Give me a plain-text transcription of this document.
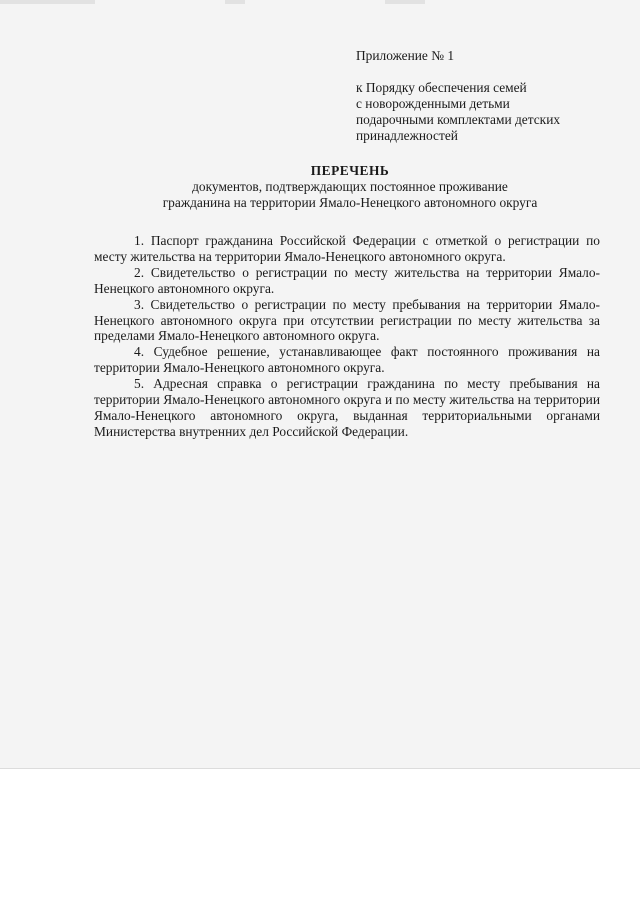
Приложение № 1
к Порядку обеспечения семей
с новорожденными детьми
подарочными комплектами детских
принадлежностей
ПЕРЕЧЕНЬ
документов, подтверждающих постоянное проживание
гражданина на территории Ямало-Ненецкого автономного округа

1. Паспорт гражданина Российской Федерации с отметкой о регистрации по месту жительства на территории Ямало-Ненецкого автономного округа.

2. Свидетельство о регистрации по месту жительства на территории Ямало-Ненецкого автономного округа.

3. Свидетельство о регистрации по месту пребывания на территории Ямало-Ненецкого автономного округа при отсутствии регистрации по месту жительства за пределами Ямало-Ненецкого автономного округа.

4. Судебное решение, устанавливающее факт постоянного проживания на территории Ямало-Ненецкого автономного округа.

5. Адресная справка о регистрации гражданина по месту пребывания на территории Ямало-Ненецкого автономного округа и по месту жительства на территории Ямало-Ненецкого автономного округа, выданная территориальными органами Министерства внутренних дел Российской Федерации.
